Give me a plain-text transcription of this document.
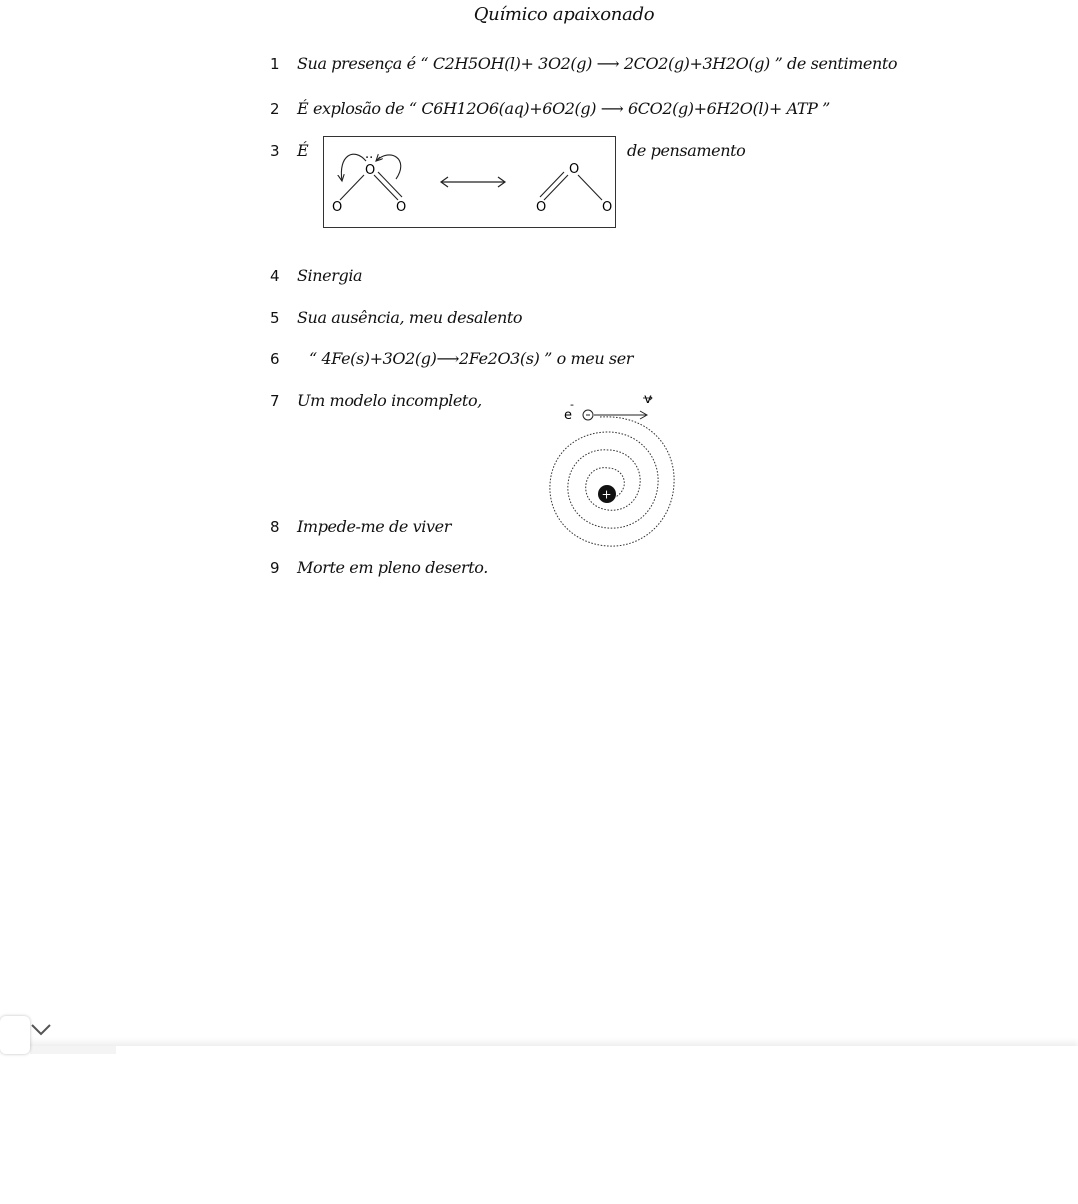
Químico apaixonado
1 Sua presença é “ C2H5OH(l)+ 3O2(g) ⟶ 2CO2(g)+3H2O(g) ” de sentimento
2 É explosão de “ C6H12O6(aq)+6O2(g) ⟶ 6CO2(g)+6H2O(l)+ ATP ”
3 É	de pensamento
O
··
O	O
O
O	O
4 Sinergia
5 Sua ausência, meu desalento
6 “ 4Fe(s)+3O2(g)⟶2Fe2O3(s) ” o meu ser
7 Um modelo incompleto,
e
-	v
+
8 Impede-me de viver
9 Morte em pleno deserto.
